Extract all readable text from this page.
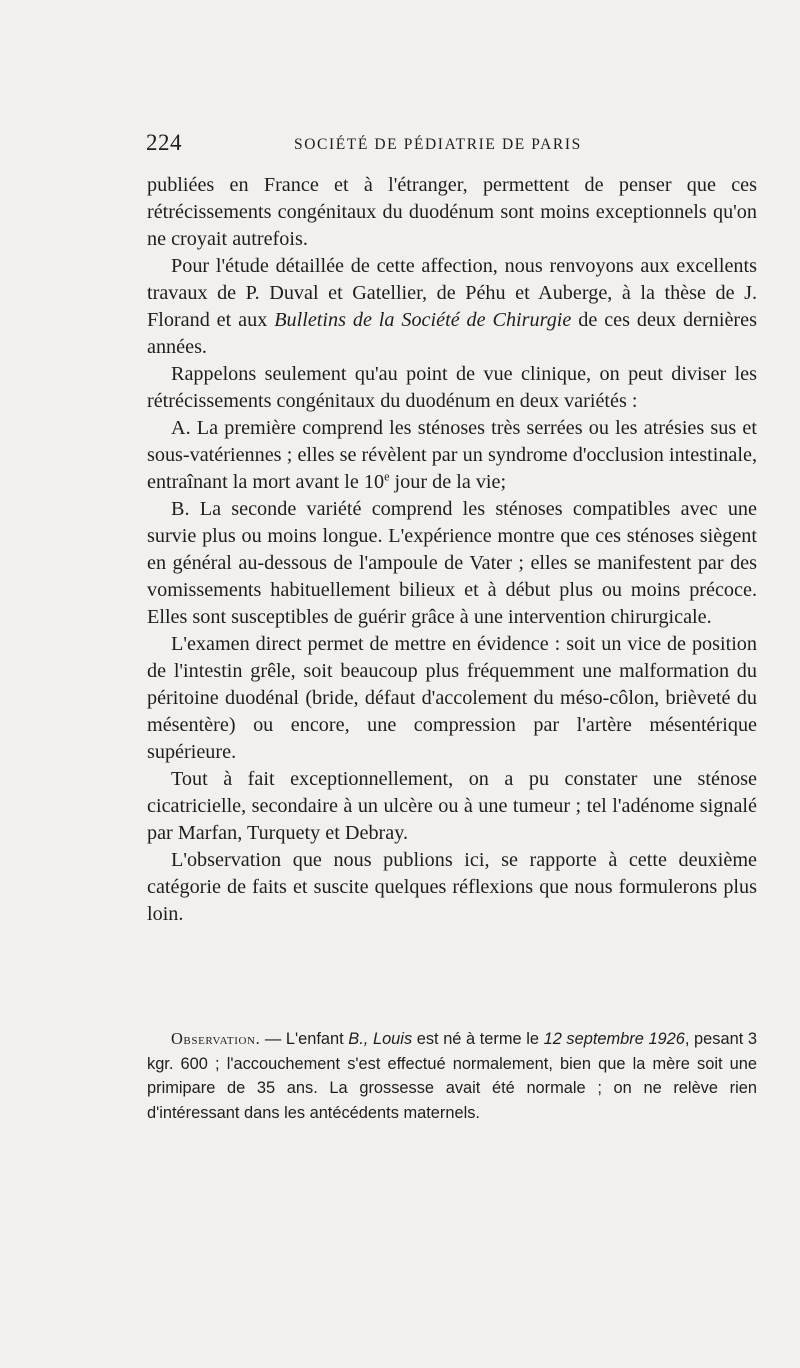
224	SOCIÉTÉ DE PÉDIATRIE DE PARIS

publiées en France et à l'étranger, permettent de penser que ces rétrécissements congénitaux du duodénum sont moins exceptionnels qu'on ne croyait autrefois.

Pour l'étude détaillée de cette affection, nous renvoyons aux excellents travaux de P. Duval et Gatellier, de Péhu et Auberge, à la thèse de J. Florand et aux Bulletins de la Société de Chirurgie de ces deux dernières années.

Rappelons seulement qu'au point de vue clinique, on peut diviser les rétrécissements congénitaux du duodénum en deux variétés :

A. La première comprend les sténoses très serrées ou les atrésies sus et sous-vatériennes ; elles se révèlent par un syndrome d'occlusion intestinale, entraînant la mort avant le 10e jour de la vie;

B. La seconde variété comprend les sténoses compatibles avec une survie plus ou moins longue. L'expérience montre que ces sténoses siègent en général au-dessous de l'ampoule de Vater ; elles se manifestent par des vomissements habituellement bilieux et à début plus ou moins précoce. Elles sont susceptibles de guérir grâce à une intervention chirurgicale.

L'examen direct permet de mettre en évidence : soit un vice de position de l'intestin grêle, soit beaucoup plus fréquemment une malformation du péritoine duodénal (bride, défaut d'accolement du méso-côlon, brièveté du mésentère) ou encore, une compression par l'artère mésentérique supérieure.

Tout à fait exceptionnellement, on a pu constater une sténose cicatricielle, secondaire à un ulcère ou à une tumeur ; tel l'adénome signalé par Marfan, Turquety et Debray.

L'observation que nous publions ici, se rapporte à cette deuxième catégorie de faits et suscite quelques réflexions que nous formulerons plus loin.

Observation. — L'enfant B., Louis est né à terme le 12 septembre 1926, pesant 3 kgr. 600 ; l'accouchement s'est effectué normalement, bien que la mère soit une primipare de 35 ans. La grossesse avait été normale ; on ne relève rien d'intéressant dans les antécédents maternels.
